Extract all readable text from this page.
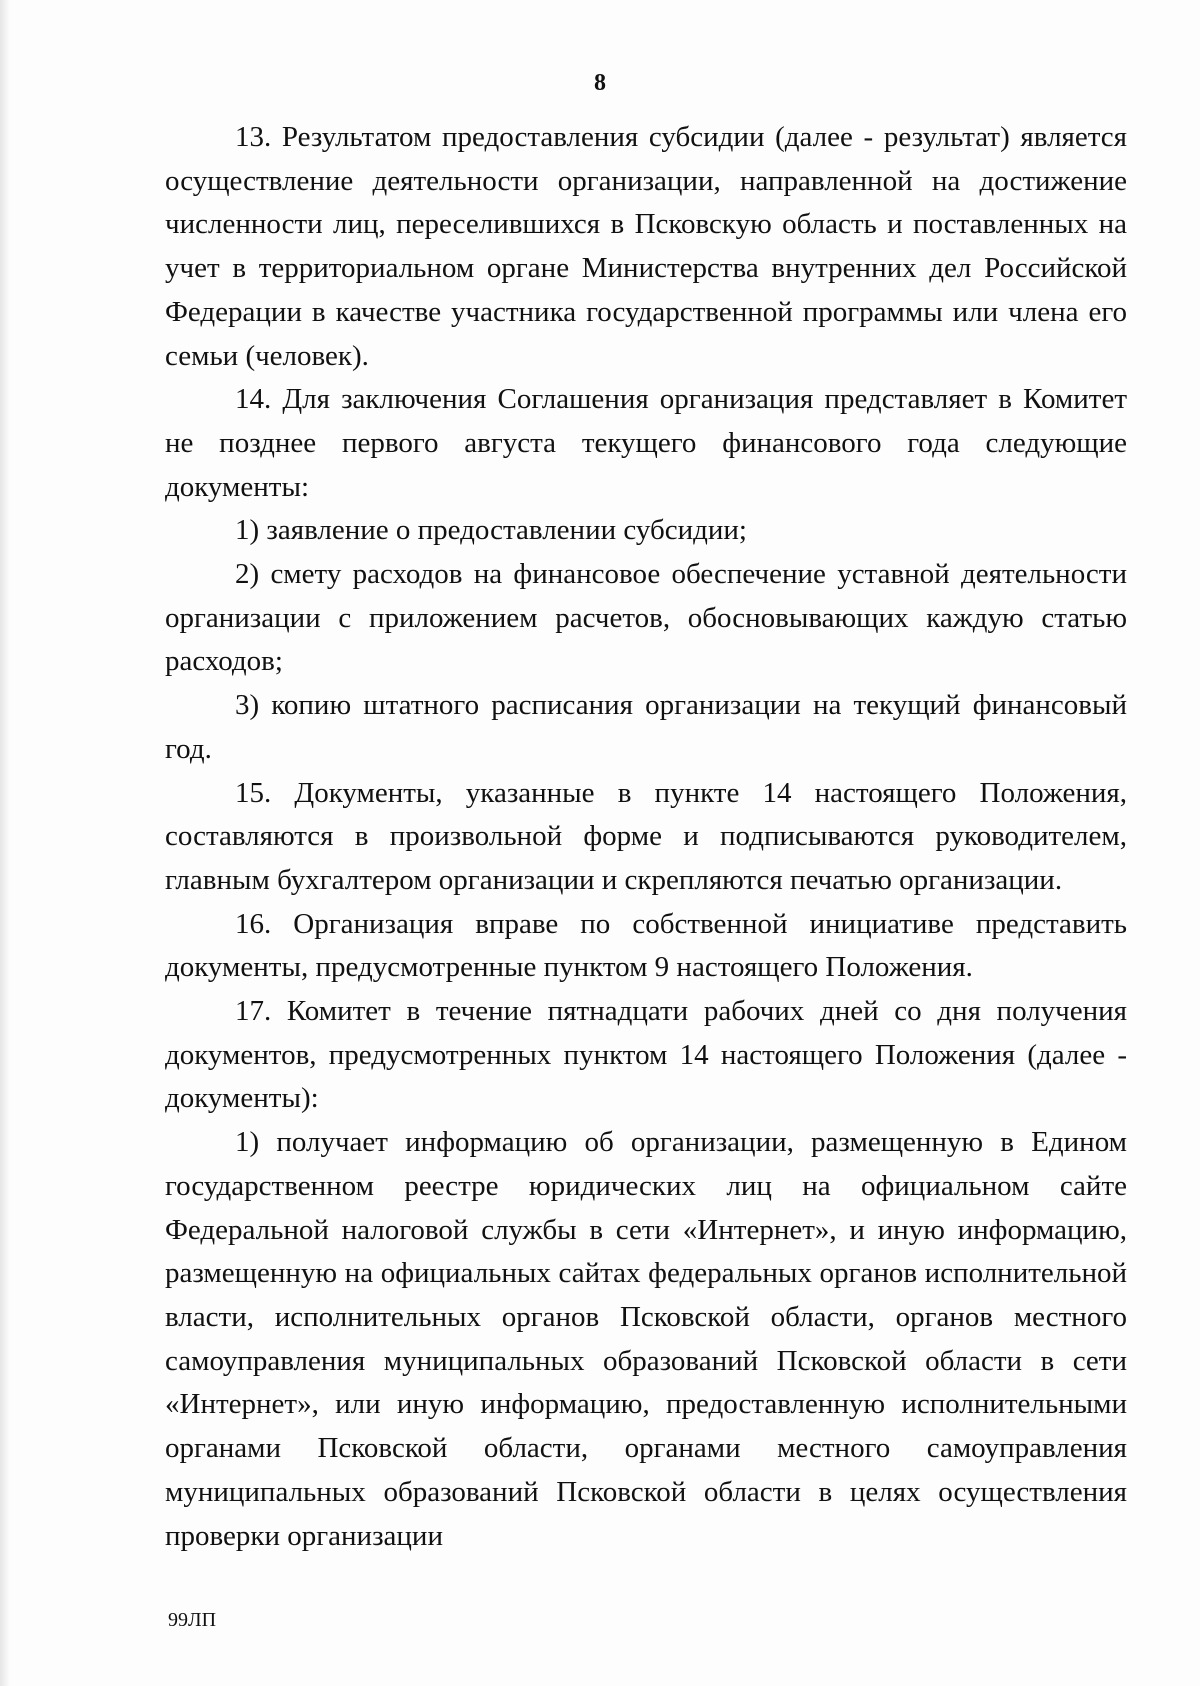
8

13. Результатом предоставления субсидии (далее - результат) является осуществление деятельности организации, направленной на достижение численности лиц, переселившихся в Псковскую область и поставленных на учет в территориальном органе Министерства внутренних дел Российской Федерации в качестве участника государственной программы или члена его семьи (человек).

14. Для заключения Соглашения организация представляет в Комитет не позднее первого августа текущего финансового года следующие документы:

1) заявление о предоставлении субсидии;

2) смету расходов на финансовое обеспечение уставной деятельности организации с приложением расчетов, обосновывающих каждую статью расходов;

3) копию штатного расписания организации на текущий финансовый год.

15. Документы, указанные в пункте 14 настоящего Положения, составляются в произвольной форме и подписываются руководителем, главным бухгалтером организации и скрепляются печатью организации.

16. Организация вправе по собственной инициативе представить документы, предусмотренные пунктом 9 настоящего Положения.

17. Комитет в течение пятнадцати рабочих дней со дня получения документов, предусмотренных пунктом 14 настоящего Положения (далее - документы):

1) получает информацию об организации, размещенную в Едином государственном реестре юридических лиц на официальном сайте Федеральной налоговой службы в сети «Интернет», и иную информацию, размещенную на официальных сайтах федеральных органов исполнительной власти, исполнительных органов Псковской области, органов местного самоуправления муниципальных образований Псковской области в сети «Интернет», или иную информацию, предоставленную исполнительными органами Псковской области, органами местного самоуправления муниципальных образований Псковской области в целях осуществления проверки организации

99ЛП
